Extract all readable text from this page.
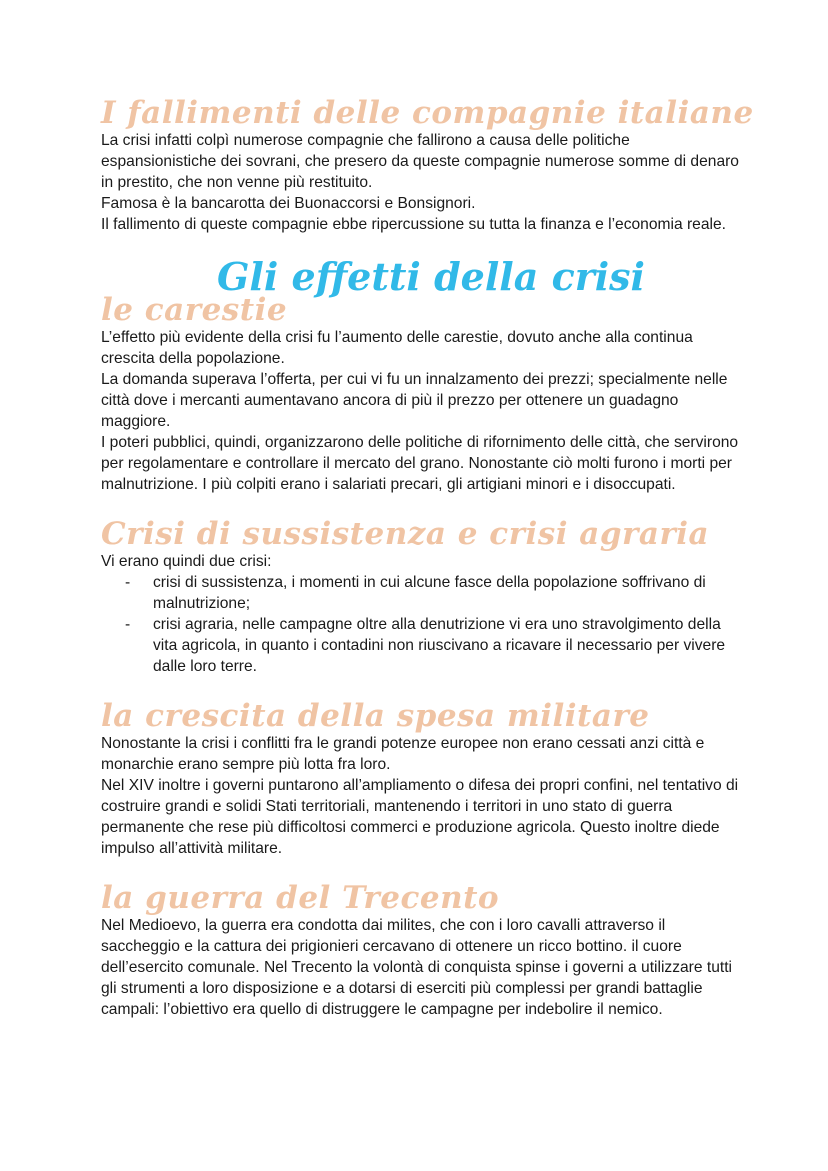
I fallimenti delle compagnie italiane

La crisi infatti colpì numerose compagnie che fallirono a causa delle politiche espansionistiche dei sovrani, che presero da queste compagnie numerose somme di denaro in prestito, che non venne più restituito.

Famosa è la bancarotta dei Buonaccorsi e Bonsignori.

Il fallimento di queste compagnie ebbe ripercussione su tutta la finanza e l’economia reale.

Gli effetti della crisi
le carestie

L’effetto più evidente della crisi fu l’aumento delle carestie, dovuto anche alla continua crescita della popolazione.

La domanda superava l’offerta, per cui vi fu un innalzamento dei prezzi; specialmente nelle città dove i mercanti aumentavano ancora di più il prezzo per ottenere un guadagno maggiore.

I poteri pubblici, quindi, organizzarono delle politiche di rifornimento delle città, che servirono per regolamentare e controllare il mercato del grano. Nonostante ciò molti furono i morti per malnutrizione. I più colpiti erano i salariati precari, gli artigiani minori e i disoccupati.

Crisi di sussistenza e crisi agraria

Vi erano quindi due crisi:

- crisi di sussistenza, i momenti in cui alcune fasce della popolazione soffrivano di malnutrizione;
- crisi agraria, nelle campagne oltre alla denutrizione vi era uno stravolgimento della vita agricola, in quanto i contadini non riuscivano a ricavare il necessario per vivere dalle loro terre.
la crescita della spesa militare

Nonostante la crisi i conflitti fra le grandi potenze europee non erano cessati anzi città e monarchie erano sempre più lotta fra loro.

Nel XIV inoltre i governi puntarono all’ampliamento o difesa dei propri confini, nel tentativo di costruire grandi e solidi Stati territoriali, mantenendo i territori in uno stato di guerra permanente che rese più difficoltosi commerci e produzione agricola. Questo inoltre diede impulso all’attività militare.

la guerra del Trecento

Nel Medioevo, la guerra era condotta dai milites, che con i loro cavalli attraverso il saccheggio e la cattura dei prigionieri cercavano di ottenere un ricco bottino. il cuore dell’esercito comunale. Nel Trecento la volontà di conquista spinse i governi a utilizzare tutti gli strumenti a loro disposizione e a dotarsi di eserciti più complessi per grandi battaglie campali: l’obiettivo era quello di distruggere le campagne per indebolire il nemico.
